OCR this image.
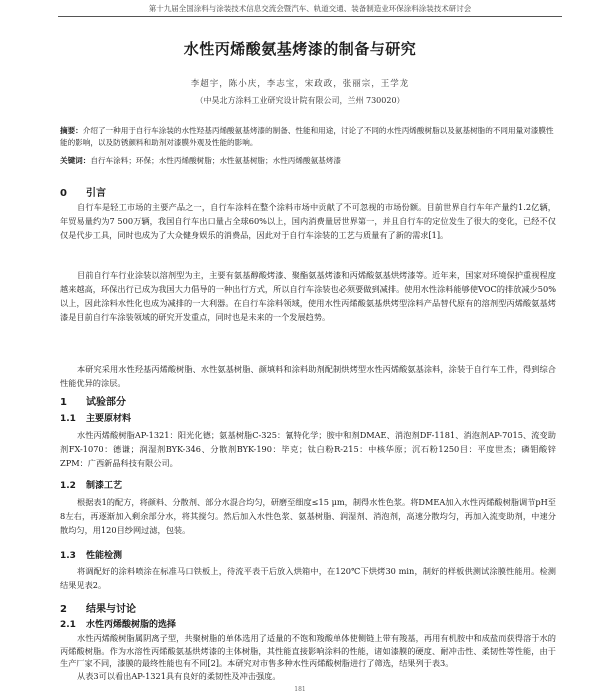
第十九届全国涂料与涂装技术信息交流会暨汽车、轨道交通、装备制造业环保涂料涂装技术研讨会
水性丙烯酸氨基烤漆的制备与研究
李超宇，陈小庆，李志宝，宋政政，张丽宗，王学龙
（中昊北方涂料工业研究设计院有限公司，兰州 730020）
摘要：介绍了一种用于自行车涂装的水性羟基丙烯酸氨基烤漆的制备、性能和用途，讨论了不同的水性丙烯酸树脂以及氨基树脂的不同用量对漆膜性能的影响，以及防锈颜料和助剂对漆膜外观及性能的影响。
关键词：自行车涂料；环保；水性丙烯酸树脂；水性氨基树脂；水性丙烯酸氨基烤漆
0 引言
自行车是轻工市场的主要产品之一，自行车涂料在整个涂料市场中贡献了不可忽视的市场份额。目前世界自行车年产量约1.2亿辆，年贸易量约为7 500万辆，我国自行车出口量占全球60%以上，国内消费量居世界第一，并且自行车的定位发生了很大的变化，已经不仅仅是代步工具，同时也成为了大众健身娱乐的消费品，因此对于自行车涂装的工艺与质量有了新的需求[1]。
目前自行车行业涂装以溶剂型为主，主要有氨基醇酸烤漆、聚酯氨基烤漆和丙烯酸氨基烘烤漆等。近年来，国家对环境保护重视程度越来越高，环保出行已成为我国大力倡导的一种出行方式，所以自行车涂装也必须要做到减排。使用水性涂料能够使VOC的排放减少50%以上，因此涂料水性化也成为减排的一大利器。在自行车涂料领域，使用水性丙烯酸氨基烘烤型涂料产品替代原有的溶剂型丙烯酸氨基烤漆是目前自行车涂装领域的研究开发重点，同时也是未来的一个发展趋势。
本研究采用水性羟基丙烯酸树脂、水性氨基树脂、颜填料和涂料助剂配制烘烤型水性丙烯酸氨基涂料，涂装于自行车工件，得到综合性能优异的涂层。
1 试验部分
1.1 主要原材料
水性丙烯酸树脂AP-1321：阳光化德；氨基树脂C-325：氰特化学；胺中和剂DMAE、消泡剂DF-1181、消泡剂AP-7015、流变助剂FX-1070：德谦；润湿剂BYK-346、分散剂BYK-190：毕克；钛白粉R-215：中核华原；沉石粉1250目：平度世杰；磷钼酸锌ZPM：广西新晶科技有限公司。
1.2 制漆工艺
根据表1的配方，将颜料、分散剂、部分水混合均匀，研磨至细度≤15 μm，制得水性色浆。将DMEA加入水性丙烯酸树脂调节pH至8左右，再逐渐加入剩余部分水，将其搅匀。然后加入水性色浆、氨基树脂、润湿剂、消泡剂，高速分散均匀，再加入流变助剂，中速分散均匀，用120目纱网过滤，包装。
1.3 性能检测
将调配好的涂料喷涂在标准马口铁板上，待流平表干后放入烘箱中，在120℃下烘烤30 min，制好的样板供测试涂膜性能用。检测结果见表2。
2 结果与讨论
2.1 水性丙烯酸树脂的选择
水性丙烯酸树脂属阴离子型，共聚树脂的单体选用了适量的不饱和羧酸单体使侧链上带有羧基，再用有机胺中和成盐而获得溶于水的丙烯酸树脂。作为水溶性丙烯酸氨基烘烤漆的主体树脂，其性能直接影响涂料的性能，诸如漆膜的硬度、耐冲击性、柔韧性等性能，由于生产厂家不同，漆膜的最终性能也有不同[2]。本研究对市售多种水性丙烯酸树脂进行了筛选，结果列于表3。
从表3可以看出AP-1321具有良好的柔韧性及冲击强度。
181
